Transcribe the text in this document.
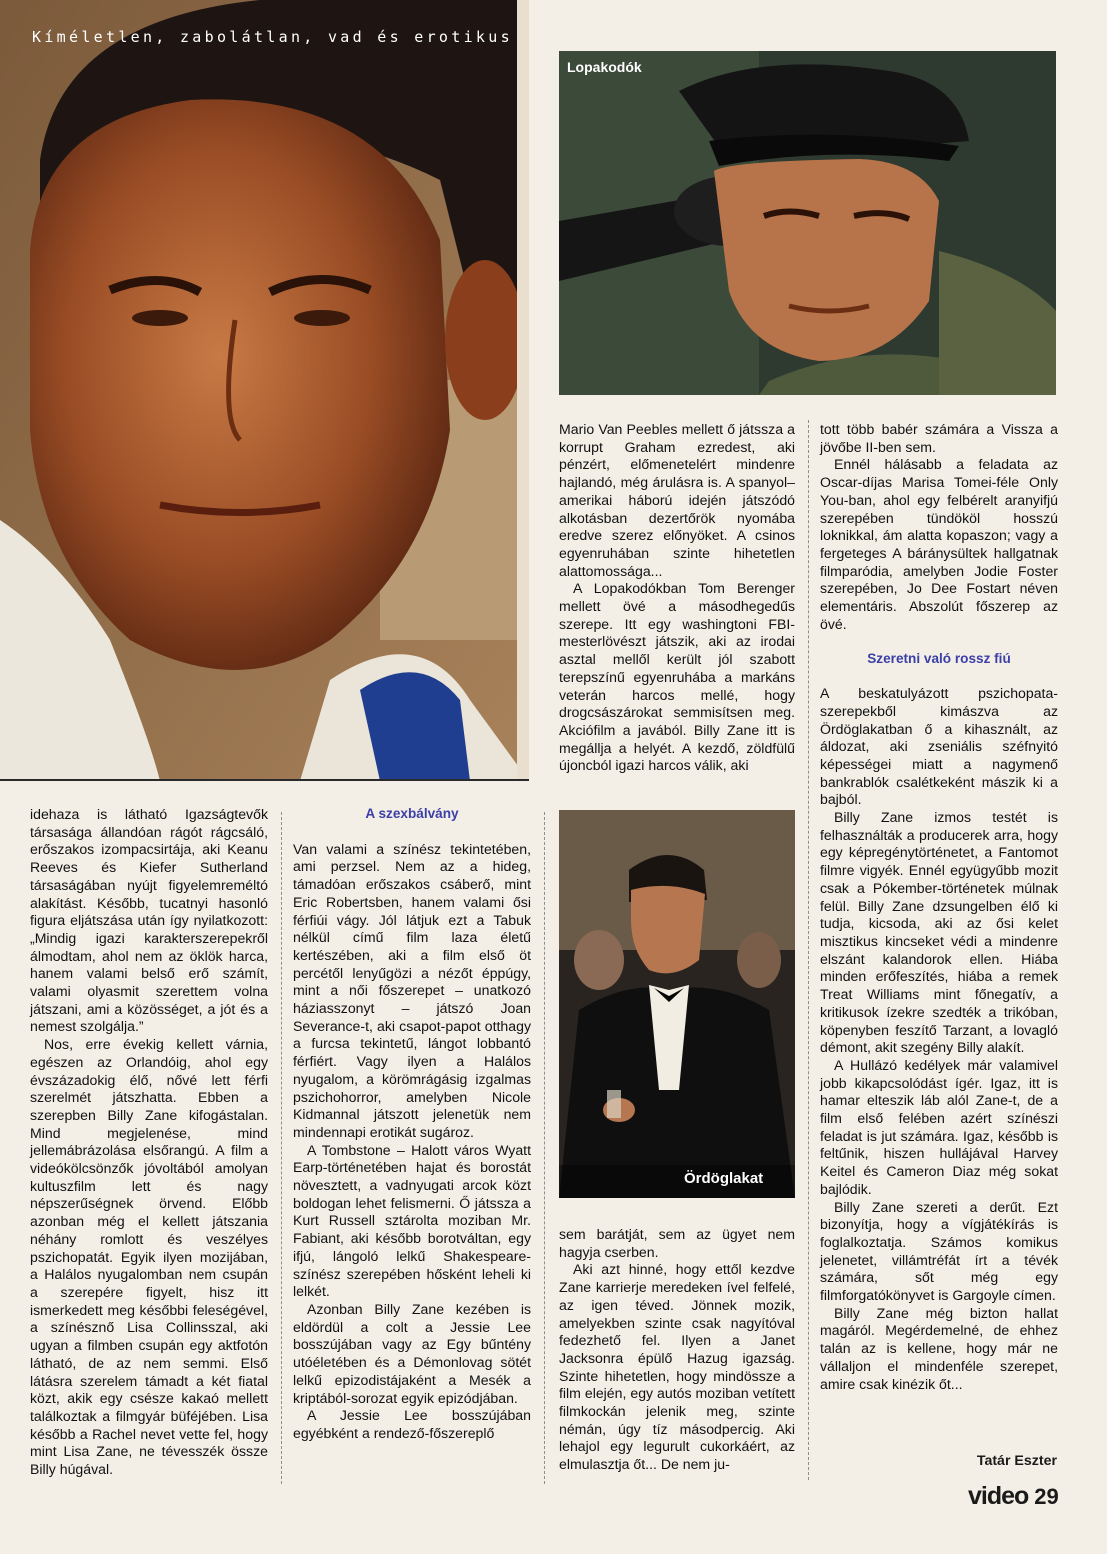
Kíméletlen, zabolátlan, vad és erotikus
Lopakodók
Ördöglakat

idehaza is látható Igazságtevők társasága állandóan rágót rágcsáló, erőszakos izompacsirtája, aki Keanu Reeves és Kiefer Sutherland társaságában nyújt figyelemreméltó alakítást. Később, tucatnyi hasonló figura eljátszása után így nyilatkozott: „Mindig igazi karakterszerepekről álmodtam, ahol nem az öklök harca, hanem valami belső erő számít, valami olyasmit szerettem volna játszani, ami a közösséget, a jót és a nemest szolgálja.”

Nos, erre évekig kellett várnia, egészen az Orlandóig, ahol egy évszázadokig élő, nővé lett férfi szerelmét játszhatta. Ebben a szerepben Billy Zane kifogástalan. Mind megjelenése, mind jellemábrázolása elsőrangú. A film a videókölcsönzők jóvoltából amolyan kultuszfilm lett és nagy népszerűségnek örvend. Előbb azonban még el kellett játszania néhány romlott és veszélyes pszichopatát. Egyik ilyen mozijában, a Halálos nyugalomban nem csupán a szerepére figyelt, hisz itt ismerkedett meg későbbi feleségével, a színésznő Lisa Collinsszal, aki ugyan a filmben csupán egy aktfotón látható, de az nem semmi. Első látásra szerelem támadt a két fiatal közt, akik egy csésze kakaó mellett találkoztak a filmgyár büféjében. Lisa később a Rachel nevet vette fel, hogy mint Lisa Zane, ne tévesszék össze Billy húgával.

A szexbálvány

Van valami a színész tekintetében, ami perzsel. Nem az a hideg, támadóan erőszakos csáberő, mint Eric Robertsben, hanem valami ősi férfiúi vágy. Jól látjuk ezt a Tabuk nélkül című film laza életű kertészében, aki a film első öt percétől lenyűgözi a nézőt éppúgy, mint a női főszerepet – unatkozó háziasszonyt – játszó Joan Severance-t, aki csapot-papot otthagy a furcsa tekintetű, lángot lobbantó férfiért. Vagy ilyen a Halálos nyugalom, a körömrágásig izgalmas pszichohorror, amelyben Nicole Kidmannal játszott jelenetük nem mindennapi erotikát sugároz.

A Tombstone – Halott város Wyatt Earp-történetében hajat és borostát növesztett, a vadnyugati arcok közt boldogan lehet felismerni. Ő játssza a Kurt Russell sztárolta moziban Mr. Fabiant, aki később borotváltan, egy ifjú, lángoló lelkű Shakespeare-színész szerepében hősként leheli ki lelkét.

Azonban Billy Zane kezében is eldördül a colt a Jessie Lee bosszújában vagy az Egy bűntény utóéletében és a Démonlovag sötét lelkű epizodistájaként a Mesék a kriptából-sorozat egyik epizódjában.

A Jessie Lee bosszújában egyébként a rendező-főszereplő

Mario Van Peebles mellett ő játssza a korrupt Graham ezredest, aki pénzért, előmenetelért mindenre hajlandó, még árulásra is. A spanyol–amerikai háború idején játszódó alkotásban dezertőrök nyomába eredve szerez előnyöket. A csinos egyenruhában szinte hihetetlen alattomossága...

A Lopakodókban Tom Berenger mellett övé a másodhegedűs szerepe. Itt egy washingtoni FBI-mesterlövészt játszik, aki az irodai asztal mellől került jól szabott terepszínű egyenruhába a markáns veterán harcos mellé, hogy drogcsászárokat semmisítsen meg. Akciófilm a javából. Billy Zane itt is megállja a helyét. A kezdő, zöldfülű újoncból igazi harcos válik, aki

sem barátját, sem az ügyet nem hagyja cserben.

Aki azt hinné, hogy ettől kezdve Zane karrierje meredeken ível felfelé, az igen téved. Jönnek mozik, amelyekben szinte csak nagyítóval fedezhető fel. Ilyen a Janet Jacksonra épülő Hazug igazság. Szinte hihetetlen, hogy mindössze a film elején, egy autós moziban vetített filmkockán jelenik meg, szinte némán, úgy tíz másodpercig. Aki lehajol egy legurult cukorkáért, az elmulasztja őt... De nem ju-

tott több babér számára a Vissza a jövőbe II-ben sem.

Ennél hálásabb a feladata az Oscar-díjas Marisa Tomei-féle Only You-ban, ahol egy felbérelt aranyifjú szerepében tündököl hosszú loknikkal, ám alatta kopaszon; vagy a fergeteges A báránysültek hallgatnak filmparódia, amelyben Jodie Foster szerepében, Jo Dee Fostart néven elementáris. Abszolút főszerep az övé.

Szeretni való rossz fiú

A beskatulyázott pszichopata-szerepekből kimászva az Ördöglakatban ő a kihasznált, az áldozat, aki zseniális széfnyitó képességei miatt a nagymenő bankrablók csalétkeként mászik ki a bajból.

Billy Zane izmos testét is felhasználták a producerek arra, hogy egy képregénytörténetet, a Fantomot filmre vigyék. Ennél együgyűbb mozit csak a Pókember-történetek múlnak felül. Billy Zane dzsungelben élő ki tudja, kicsoda, aki az ősi kelet misztikus kincseket védi a mindenre elszánt kalandorok ellen. Hiába minden erőfeszítés, hiába a remek Treat Williams mint főnegatív, a kritikusok ízekre szedték a trikóban, köpenyben feszítő Tarzant, a lovagló démont, akit szegény Billy alakít.

A Hullázó kedélyek már valamivel jobb kikapcsolódást ígér. Igaz, itt is hamar elteszik láb alól Zane-t, de a film első felében azért színészi feladat is jut számára. Igaz, később is feltűnik, hiszen hullájával Harvey Keitel és Cameron Diaz még sokat bajlódik.

Billy Zane szereti a derűt. Ezt bizonyítja, hogy a vígjátékírás is foglalkoztatja. Számos komikus jelenetet, villámtréfát írt a tévék számára, sőt még egy filmforgatókönyvet is Gargoyle címen.

Billy Zane még bizton hallat magáról. Megérdemelné, de ehhez talán az is kellene, hogy már ne vállaljon el mindenféle szerepet, amire csak kinézik őt...

Tatár Eszter
video 29
